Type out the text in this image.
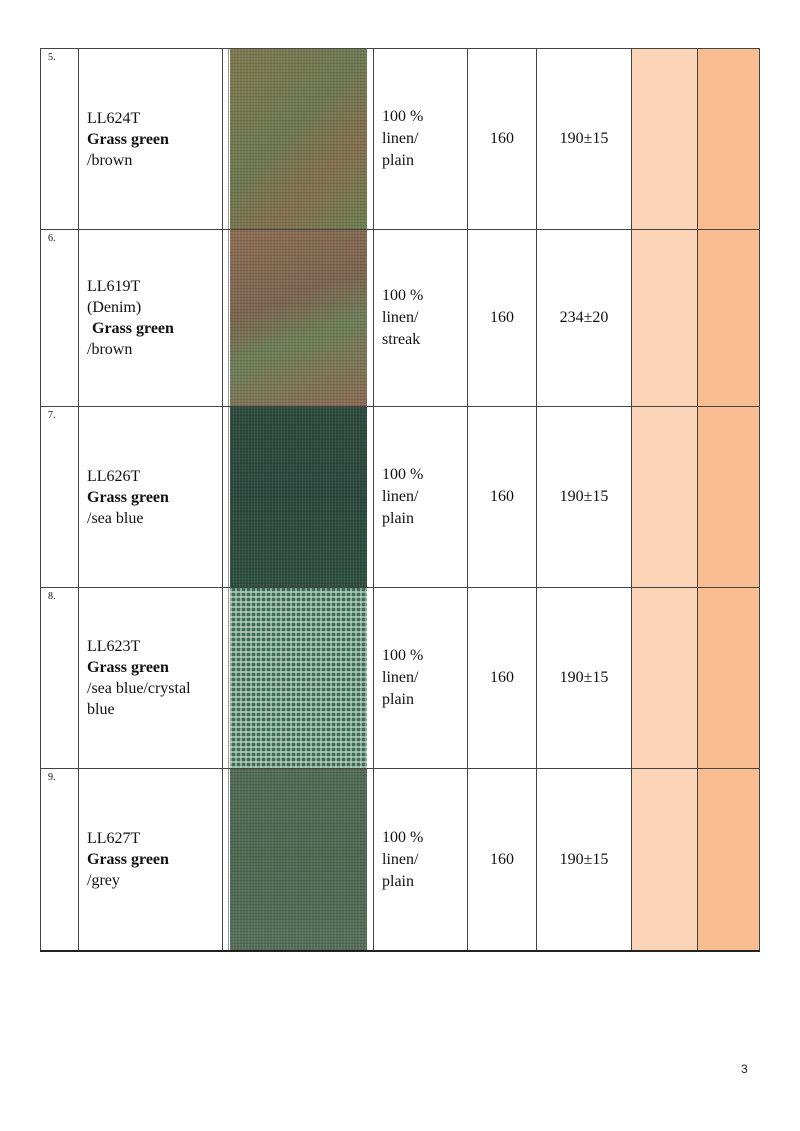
5.	LL624T
Grass green
/brown		100 %
linen/
plain	160	190±15		
6.	LL619T
(Denim)
Grass green
/brown		100 %
linen/
streak	160	234±20		
7.	LL626T
Grass green
/sea blue		100 %
linen/
plain	160	190±15		
8.	LL623T
Grass green
/sea blue/crystal
blue		100 %
linen/
plain	160	190±15		
9.	LL627T
Grass green
/grey		100 %
linen/
plain	160	190±15		
3
